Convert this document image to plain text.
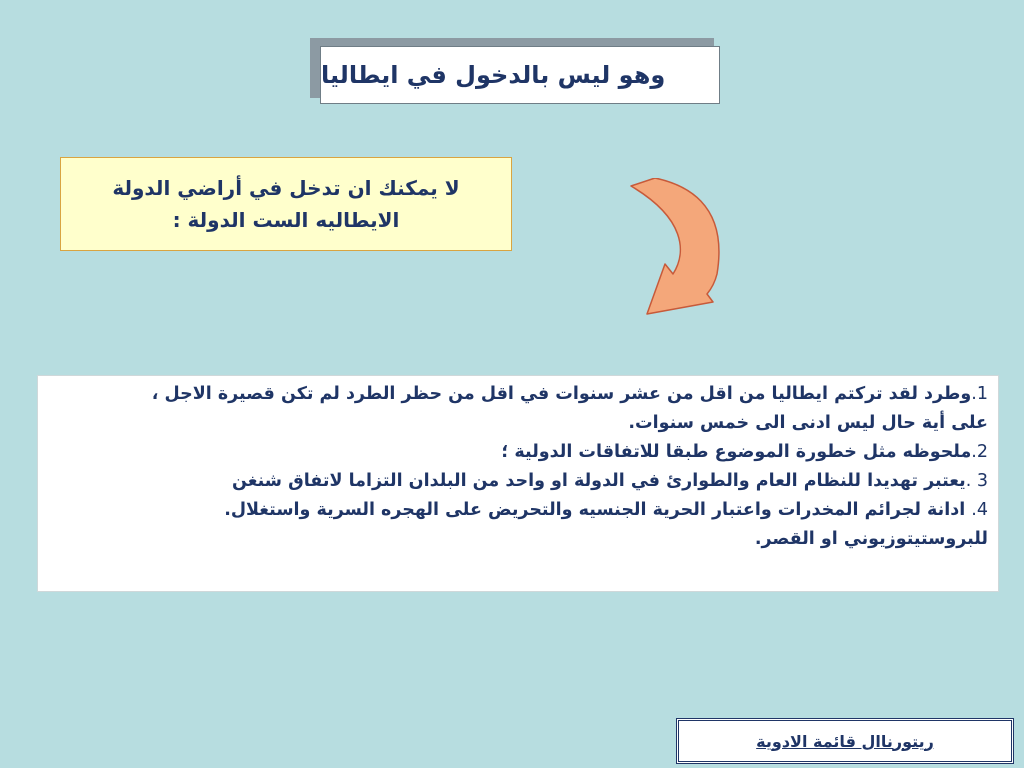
وهو ليس بالدخول في ايطاليا
لا يمكنك ان تدخل في أراضي الدولة الايطاليه الست الدولة :
1.وطرد لقد تركتم ايطاليا من اقل من عشر سنوات في اقل من حظر الطرد لم تكن قصيرة الاجل ،
على أية حال ليس ادنى الى خمس سنوات.
2.ملحوظه مثل خطورة الموضوع طبقا للاتفاقات الدولية ؛
3 .يعتبر تهديدا للنظام العام والطوارئ في الدولة او واحد من البلدان التزاما لاتفاق شنغن
4. ادانة لجرائم المخدرات واعتبار الحرية الجنسيه والتحريض على الهجره السرية واستغلال.
للبروستيتوزيوني او القصر.
ريتورناال قائمة الادوية
